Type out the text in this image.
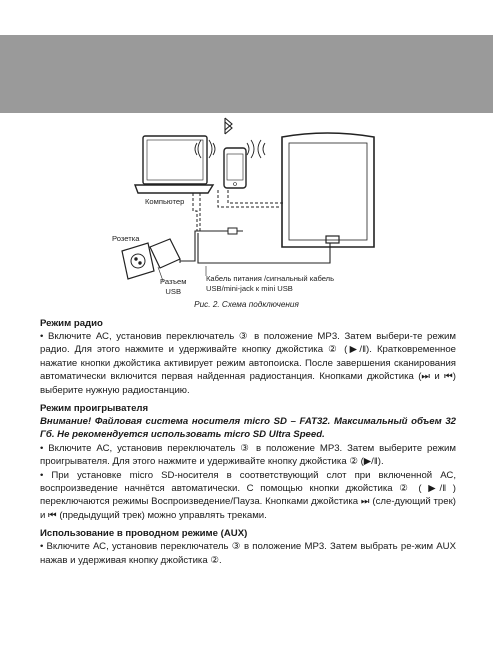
Компьютер
Розетка
Разъем
USB
Кабель питания /сигнальный кабель
USB/mini-jack к mini USB
Рис. 2. Схема подключения

Режим радио

• Включите АС, установив переключатель ③ в положение MP3. Затем выбери-те режим радио. Для этого нажмите и удерживайте кнопку джойстика ② (▶/‖). Кратковременное нажатие кнопки джойстика активирует режим автопоиска. После завершения сканирования автоматически включится первая найденная радиостанция. Кнопками джойстика (⏭ и ⏮) выберите нужную радиостанцию.

Режим проигрывателя

Внимание! Файловая система носителя micro SD – FAT32. Максимальный объем 32 Гб. Не рекомендуется использовать micro SD Ultra Speed.

• Включите АС, установив переключатель ③ в положение MP3. Затем выберите режим проигрывателя. Для этого нажмите и удерживайте кнопку джойстика ② (▶/‖).

• При установке micro SD-носителя в соответствующий слот при включенной АС, воспроизведение начнётся автоматически. С помощью кнопки джойстика ② ( ▶/‖ ) переключаются режимы Воспроизведение/Пауза. Кнопками джойстика ⏭ (сле-дующий трек) и ⏮ (предыдущий трек) можно управлять треками.

Использование в проводном режиме (AUX)

• Включите АС, установив переключатель ③ в положение MP3. Затем выбрать ре-жим AUX нажав и удерживая кнопку джойстика ②.
